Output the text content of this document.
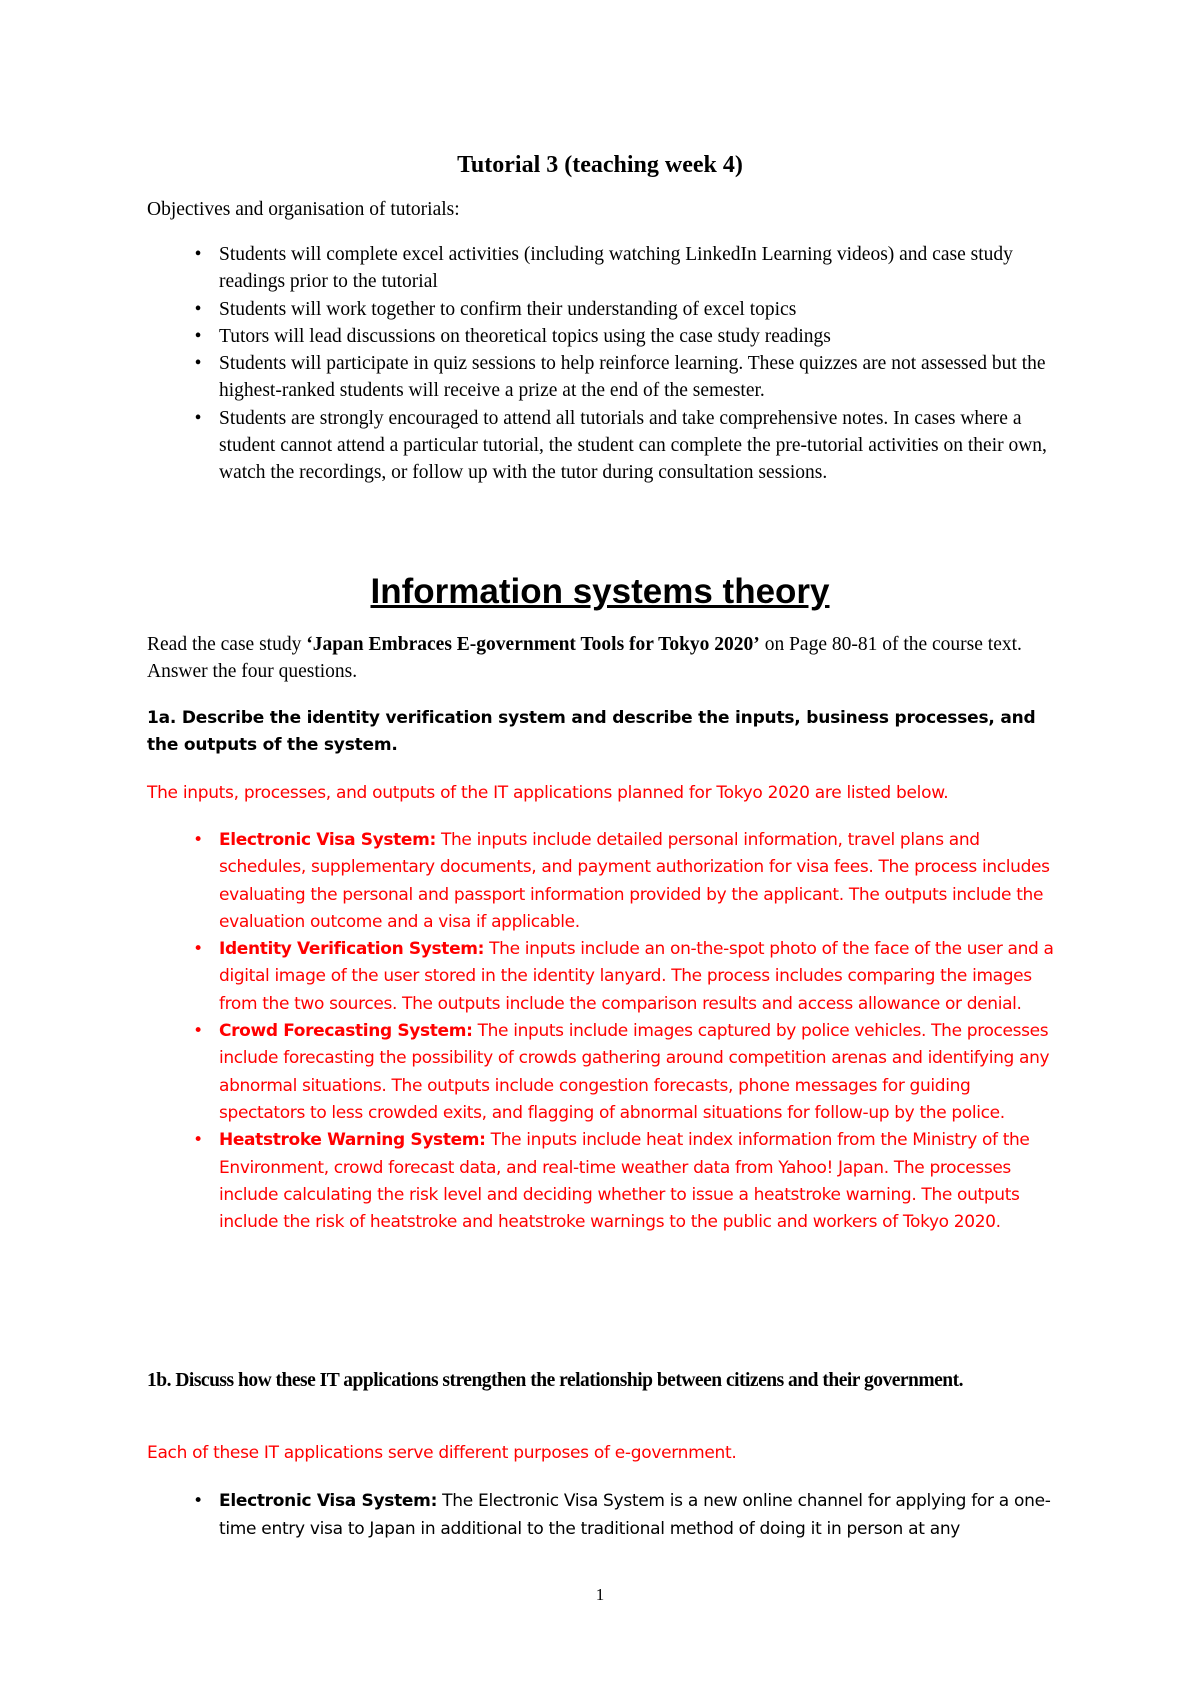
Tutorial 3 (teaching week 4)
Objectives and organisation of tutorials:
• Students will complete excel activities (including watching LinkedIn Learning videos) and case study readings prior to the tutorial
• Students will work together to confirm their understanding of excel topics
• Tutors will lead discussions on theoretical topics using the case study readings
• Students will participate in quiz sessions to help reinforce learning. These quizzes are not assessed but the highest-ranked students will receive a prize at the end of the semester.
• Students are strongly encouraged to attend all tutorials and take comprehensive notes. In cases where a student cannot attend a particular tutorial, the student can complete the pre-tutorial activities on their own, watch the recordings, or follow up with the tutor during consultation sessions.
Information systems theory
Read the case study ‘Japan Embraces E-government Tools for Tokyo 2020’ on Page 80-81 of the course text. Answer the four questions.
1a. Describe the identity verification system and describe the inputs, business processes, and the outputs of the system.
The inputs, processes, and outputs of the IT applications planned for Tokyo 2020 are listed below.
• Electronic Visa System: The inputs include detailed personal information, travel plans and schedules, supplementary documents, and payment authorization for visa fees. The process includes evaluating the personal and passport information provided by the applicant. The outputs include the evaluation outcome and a visa if applicable.
• Identity Verification System: The inputs include an on-the-spot photo of the face of the user and a digital image of the user stored in the identity lanyard. The process includes comparing the images from the two sources. The outputs include the comparison results and access allowance or denial.
• Crowd Forecasting System: The inputs include images captured by police vehicles. The processes include forecasting the possibility of crowds gathering around competition arenas and identifying any abnormal situations. The outputs include congestion forecasts, phone messages for guiding spectators to less crowded exits, and flagging of abnormal situations for follow-up by the police.
• Heatstroke Warning System: The inputs include heat index information from the Ministry of the Environment, crowd forecast data, and real-time weather data from Yahoo! Japan. The processes include calculating the risk level and deciding whether to issue a heatstroke warning. The outputs include the risk of heatstroke and heatstroke warnings to the public and workers of Tokyo 2020.
1b. Discuss how these IT applications strengthen the relationship between citizens and their government.
Each of these IT applications serve different purposes of e-government.
• Electronic Visa System: The Electronic Visa System is a new online channel for applying for a one-time entry visa to Japan in additional to the traditional method of doing it in person at any
1
